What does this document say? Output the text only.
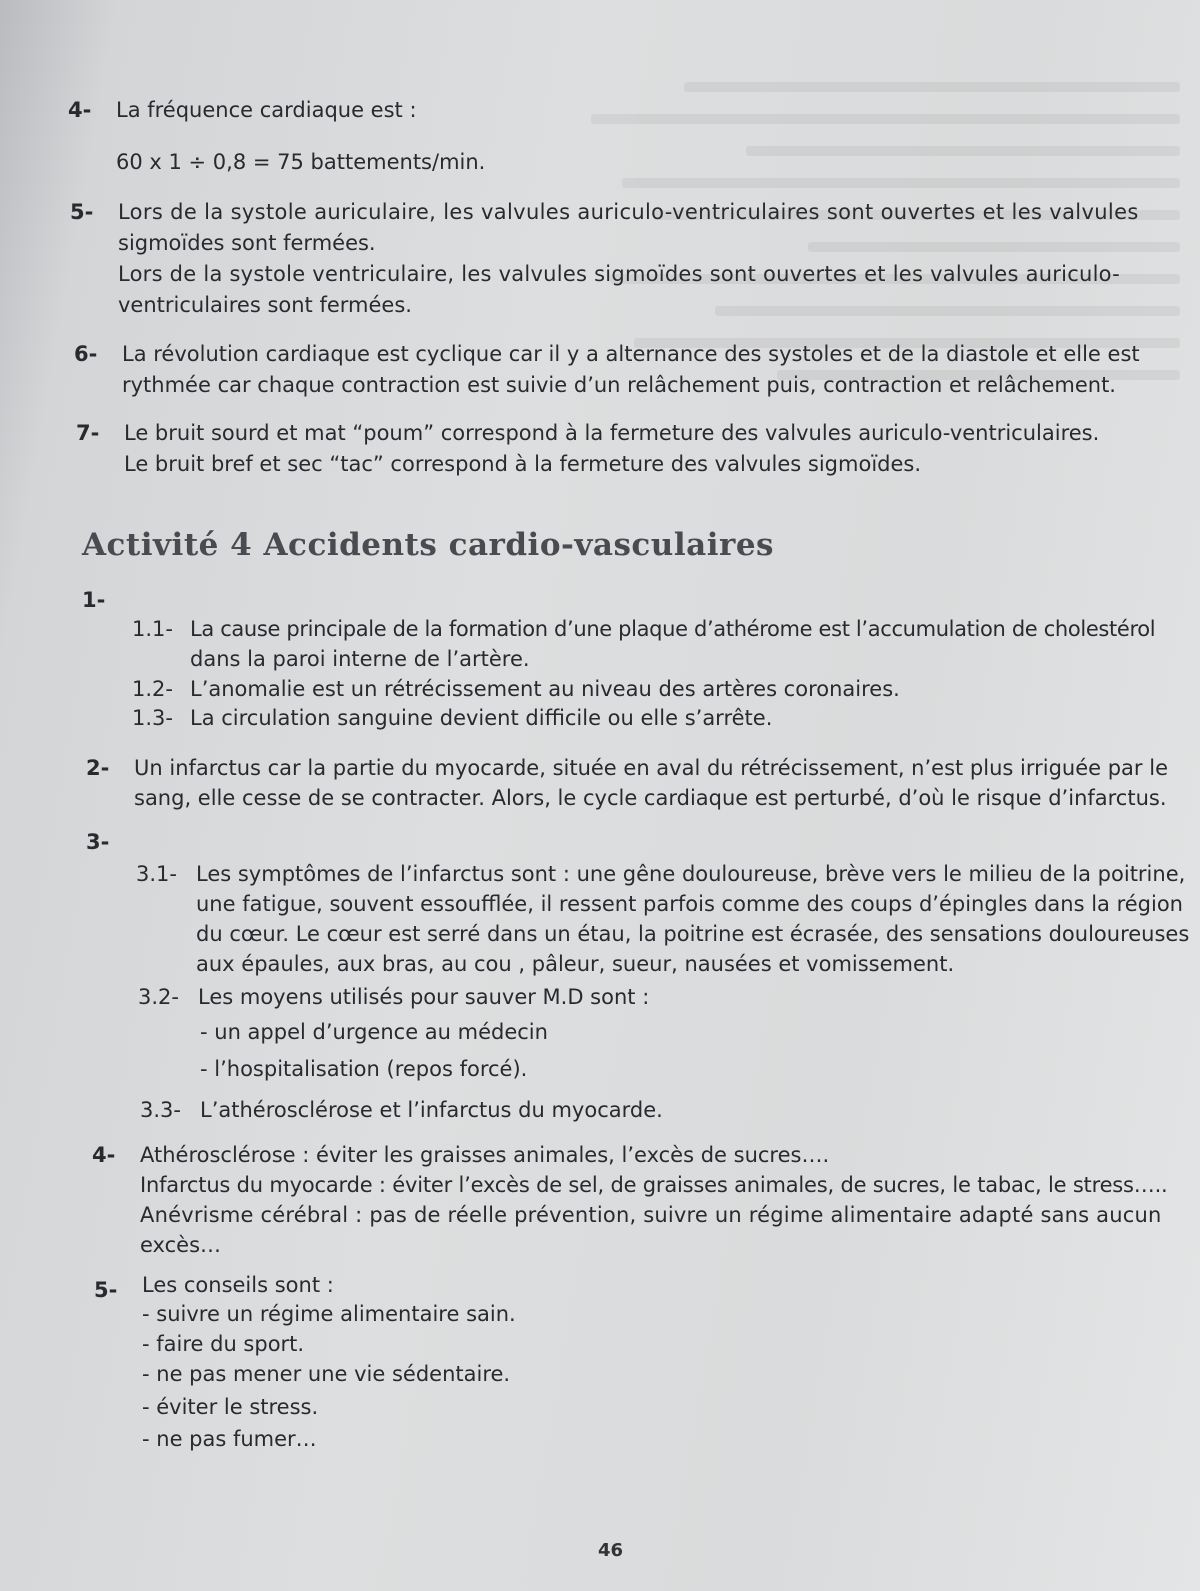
4- La fréquence cardiaque est :
60 x 1 ÷ 0,8 = 75 battements/min.
5- Lors de la systole auriculaire, les valvules auriculo-ventriculaires sont ouvertes et les valvules
sigmoïdes sont fermées.
Lors de la systole ventriculaire, les valvules sigmoïdes sont ouvertes et les valvules auriculo-
ventriculaires sont fermées.
6- La révolution cardiaque est cyclique car il y a alternance des systoles et de la diastole et elle est
rythmée car chaque contraction est suivie d’un relâchement puis, contraction et relâchement.
7- Le bruit sourd et mat “poum” correspond à la fermeture des valvules auriculo-ventriculaires.
Le bruit bref et sec “tac” correspond à la fermeture des valvules sigmoïdes.
Activité 4 Accidents cardio-vasculaires
1-
1.1- La cause principale de la formation d’une plaque d’athérome est l’accumulation de cholestérol
dans la paroi interne de l’artère.
1.2- L’anomalie est un rétrécissement au niveau des artères coronaires.
1.3- La circulation sanguine devient difficile ou elle s’arrête.
2- Un infarctus car la partie du myocarde, située en aval du rétrécissement, n’est plus irriguée par le
sang, elle cesse de se contracter. Alors, le cycle cardiaque est perturbé, d’où le risque d’infarctus.
3-
3.1- Les symptômes de l’infarctus sont : une gêne douloureuse, brève vers le milieu de la poitrine,
une fatigue, souvent essoufflée, il ressent parfois comme des coups d’épingles dans la région
du cœur. Le cœur est serré dans un étau, la poitrine est écrasée, des sensations douloureuses
aux épaules, aux bras, au cou , pâleur, sueur, nausées et vomissement.
3.2- Les moyens utilisés pour sauver M.D sont :
- un appel d’urgence au médecin
- l’hospitalisation (repos forcé).
3.3- L’athérosclérose et l’infarctus du myocarde.
4- Athérosclérose : éviter les graisses animales, l’excès de sucres….
Infarctus du myocarde : éviter l’excès de sel, de graisses animales, de sucres, le tabac, le stress…..
Anévrisme cérébral : pas de réelle prévention, suivre un régime alimentaire adapté sans aucun
excès…
5- Les conseils sont :
- suivre un régime alimentaire sain.
- faire du sport.
- ne pas mener une vie sédentaire.
- éviter le stress.
- ne pas fumer…
46
